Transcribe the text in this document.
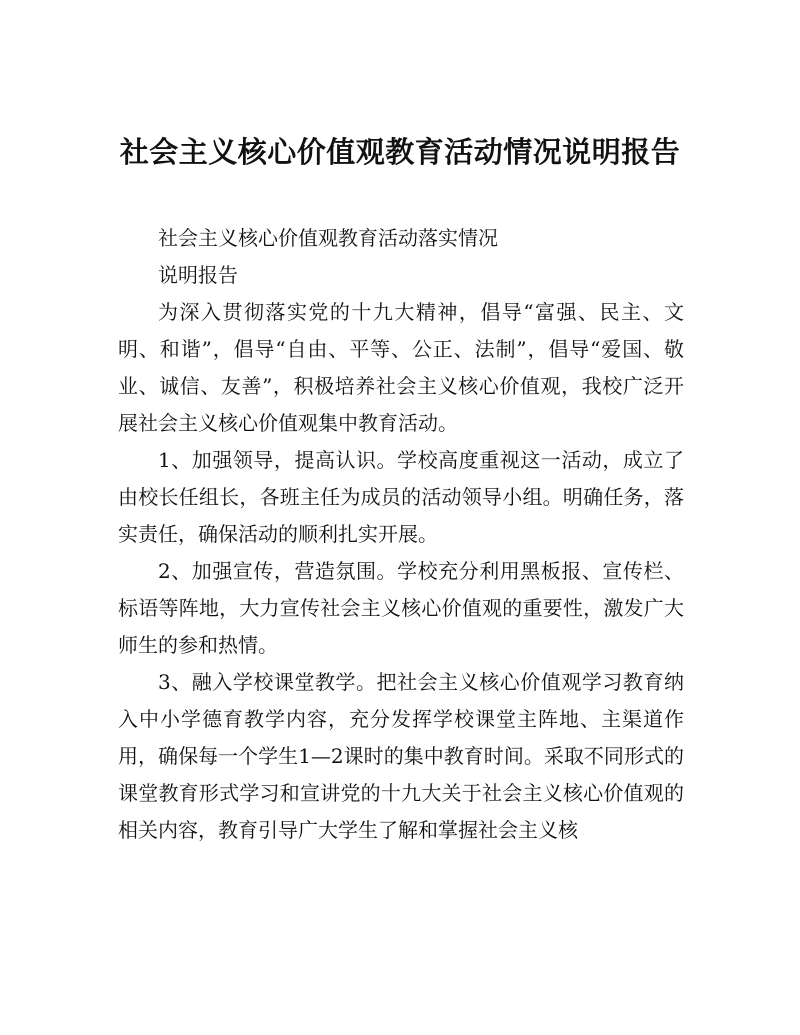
社会主义核心价值观教育活动情况说明报告

社会主义核心价值观教育活动落实情况

说明报告

为深入贯彻落实党的十九大精神，倡导“富强、民主、文明、和谐”，倡导“自由、平等、公正、法制”，倡导“爱国、敬业、诚信、友善”，积极培养社会主义核心价值观，我校广泛开展社会主义核心价值观集中教育活动。

1、加强领导，提高认识。学校高度重视这一活动，成立了由校长任组长，各班主任为成员的活动领导小组。明确任务，落实责任，确保活动的顺利扎实开展。

2、加强宣传，营造氛围。学校充分利用黑板报、宣传栏、标语等阵地，大力宣传社会主义核心价值观的重要性，激发广大师生的参和热情。

3、融入学校课堂教学。把社会主义核心价值观学习教育纳入中小学德育教学内容，充分发挥学校课堂主阵地、主渠道作用，确保每一个学生1—2课时的集中教育时间。采取不同形式的课堂教育形式学习和宣讲党的十九大关于社会主义核心价值观的相关内容，教育引导广大学生了解和掌握社会主义核
